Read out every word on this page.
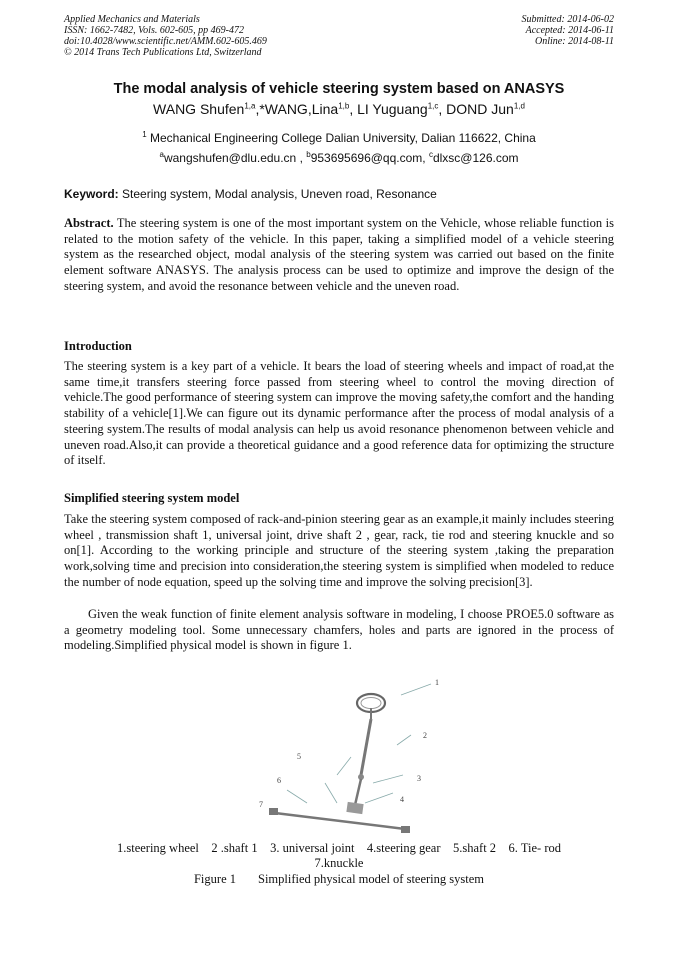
Applied Mechanics and Materials
ISSN: 1662-7482, Vols. 602-605, pp 469-472
doi:10.4028/www.scientific.net/AMM.602-605.469
© 2014 Trans Tech Publications Ltd, Switzerland
Submitted: 2014-06-02
Accepted: 2014-06-11
Online: 2014-08-11
The modal analysis of vehicle steering system based on ANASYS
WANG Shufen$^{1,a}$,*WANG,Lina$^{1,b}$, LI Yuguang$^{1,c}$, DOND Jun$^{1,d}$
$^1$ Mechanical Engineering College Dalian University, Dalian 116622, China
$^a$wangshufen@dlu.edu.cn , $^b$953695696@qq.com, $^c$dlxsc@126.com
Keyword: Steering system, Modal analysis, Uneven road, Resonance

Abstract. The steering system is one of the most important system on the Vehicle, whose reliable function is related to the motion safety of the vehicle. In this paper, taking a simplified model of a vehicle steering system as the researched object, modal analysis of the steering system was carried out based on the finite element software ANASYS. The analysis process can be used to optimize and improve the design of the steering system, and avoid the resonance between vehicle and the uneven road.

Introduction

The steering system is a key part of a vehicle. It bears the load of steering wheels and impact of road,at the same time,it transfers steering force passed from steering wheel to control the moving direction of vehicle.The good performance of steering system can improve the moving safety,the comfort and the handing stability of a vehicle[1].We can figure out its dynamic performance after the process of modal analysis of a steering system.The results of modal analysis can help us avoid resonance phenomenon between vehicle and uneven road.Also,it can provide a theoretical guidance and a good reference data for optimizing the structure of itself.

Simplified steering system model

Take the steering system composed of rack-and-pinion steering gear as an example,it mainly includes steering wheel , transmission shaft 1, universal joint, drive shaft 2 , gear, rack, tie rod and steering knuckle and so on[1]. According to the working principle and structure of the steering system ,taking the preparation work,solving time and precision into consideration,the steering system is simplified when modeled to reduce the number of node equation, speed up the solving time and improve the solving precision[3].

Given the weak function of finite element analysis software in modeling, I choose PROE5.0 software as a geometry modeling tool. Some unnecessary chamfers, holes and parts are ignored in the process of modeling.Simplified physical model is shown in figure 1.

1
2
3
4
5
6
7
1.steering wheel    2 .shaft 1    3. universal joint    4.steering gear    5.shaft 2    6. Tie- rod
7.knuckle
Figure 1 Simplified physical model of steering system
